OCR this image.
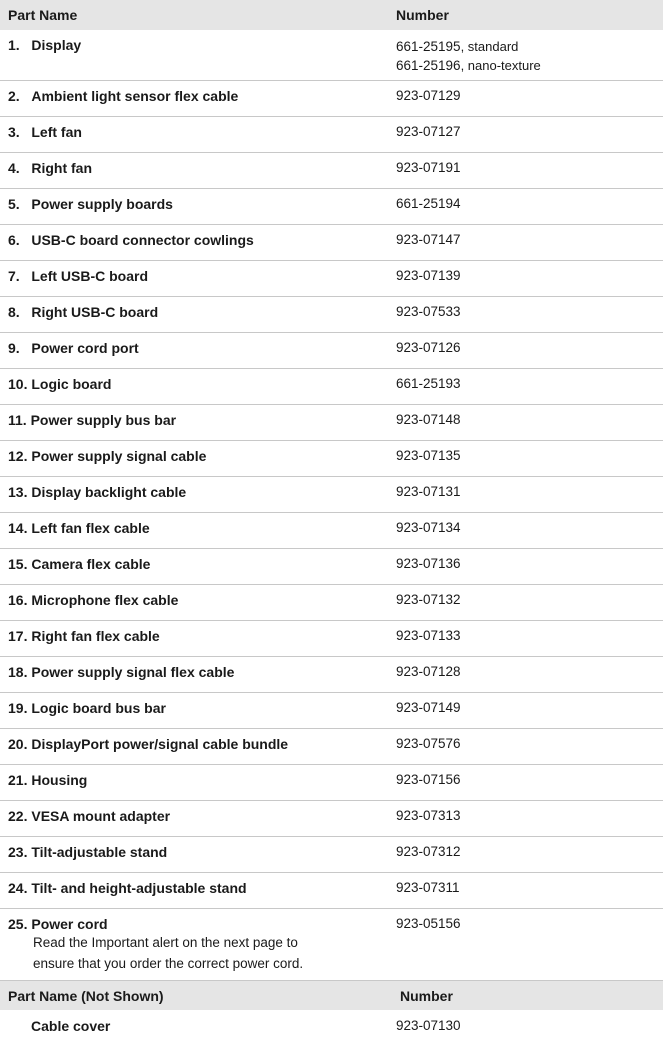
Part Name	Number

1. Display	661-25195, standard
661-25196, nano-texture

2. Ambient light sensor flex cable	923-07129

3. Left fan	923-07127

4. Right fan	923-07191

5. Power supply boards	661-25194

6. USB-C board connector cowlings	923-07147

7. Left USB-C board	923-07139

8. Right USB-C board	923-07533

9. Power cord port	923-07126

10. Logic board	661-25193

11. Power supply bus bar	923-07148

12. Power supply signal cable	923-07135

13. Display backlight cable	923-07131

14. Left fan flex cable	923-07134

15. Camera flex cable	923-07136

16. Microphone flex cable	923-07132

17. Right fan flex cable	923-07133

18. Power supply signal flex cable	923-07128

19. Logic board bus bar	923-07149

20. DisplayPort power/signal cable bundle	923-07576

21. Housing	923-07156

22. VESA mount adapter	923-07313

23. Tilt-adjustable stand	923-07312

24. Tilt- and height-adjustable stand	923-07311

25. Power cord
Read the Important alert on the next page to
ensure that you order the correct power cord.	923-05156
Part Name (Not Shown)	Number
Cable cover	923-07130
